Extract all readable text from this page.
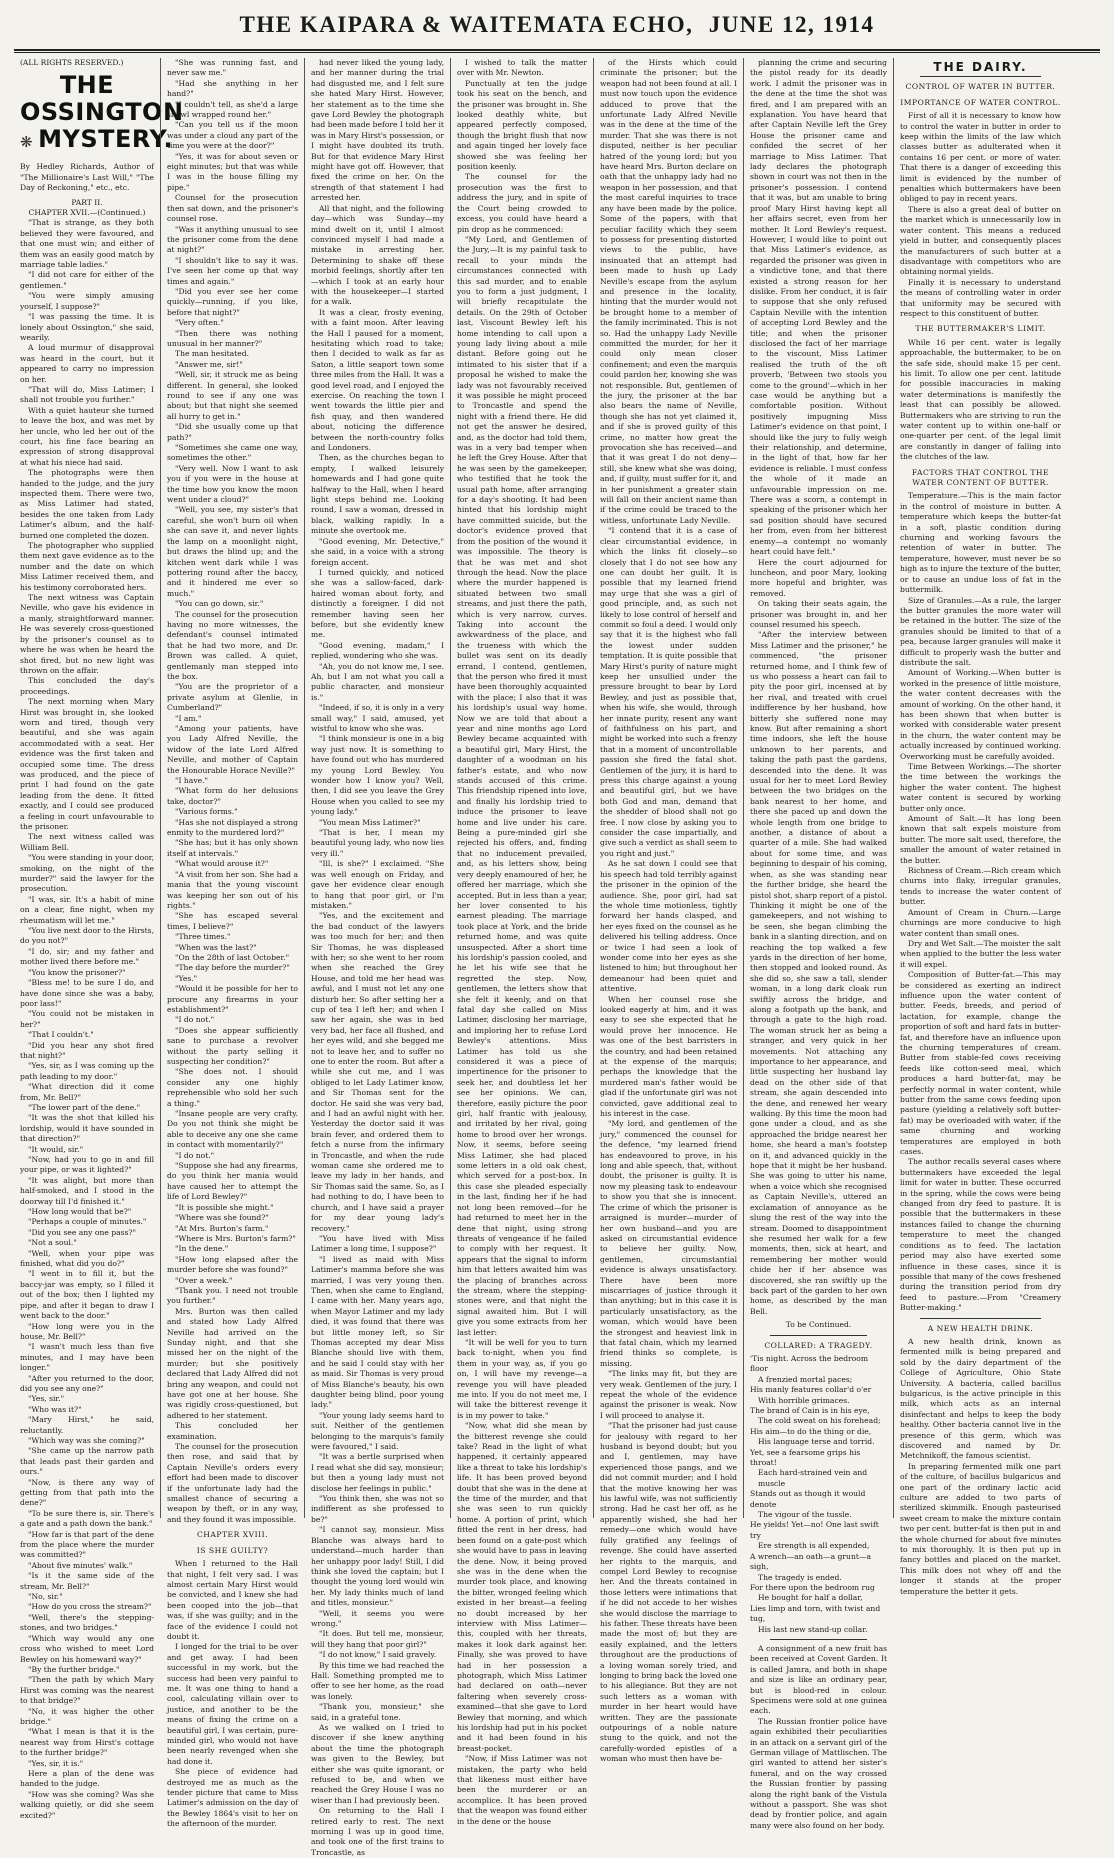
THE KAIPARA & WAITEMATA ECHO, JUNE 12, 1914

(ALL RIGHTS RESERVED.)

THE OSSINGTON
❋ MYSTERY.

By Hedley Richards, Author of "The Millionaire's Last Will," "The Day of Reckoning," etc., etc.

PART II.

CHAPTER XVII.—(Continued.)

"That is strange, as they both believed they were favoured, and that one must win; and either of them was an easily good match by marriage table ladies."

"I did not care for either of the gentlemen."

"You were simply amusing yourself, I suppose?"

"I was passing the time. It is lonely about Ossington," she said, wearily.

A loud murmur of disapproval was heard in the court, but it appeared to carry no impression on her.

"That will do, Miss Latimer; I shall not trouble you further."

With a quiet hauteur she turned to leave the box, and was met by her uncle, who led her out of the court, his fine face bearing an expression of strong disapproval at what his niece had said.

The photographs were then handed to the judge, and the jury inspected them. There were two, as Miss Latimer had stated, besides the one taken from Lady Latimer's album, and the half-burned one completed the dozen.

The photographer who supplied them next gave evidence as to the number and the date on which Miss Latimer received them, and his testimony corroborated hers.

The next witness was Captain Neville, who gave his evidence in a manly, straightforward manner. He was severely cross-questioned by the prisoner's counsel as to where he was when he heard the shot fired, but no new light was thrown on the affair.

This concluded the day's proceedings.

The next morning when Mary Hirst was brought in, she looked worn and tired, though very beautiful, and she was again accommodated with a seat. Her evidence was the first taken and occupied some time. The dress was produced, and the piece of print I had found on the gate leading from the dene. It fitted exactly, and I could see produced a feeling in court unfavourable to the prisoner.

The next witness called was William Bell.

"You were standing in your door, smoking, on the night of the murder?" said the lawyer for the prosecution.

"I was, sir. It's a habit of mine on a clear, fine night, when my rheumatism will let me."

"You live next door to the Hirsts, do you not?"

"I do, sir; and my father and mother lived there before me."

"You know the prisoner?"

"Bless me! to be sure I do, and have done since she was a baby, poor lass!"

"You could not be mistaken in her?"

"That I couldn't."

"Did you hear any shot fired that night?"

"Yes, sir, as I was coming up the path leading to my door."

"What direction did it come from, Mr. Bell?"

"The lower part of the dene."

"It was the shot that killed his lordship, would it have sounded in that direction?"

"It would, sir."

"Now, had you to go in and fill your pipe, or was it lighted?"

"It was alight, but more than half-smoked, and I stood in the doorway till I'd finished it."

"How long would that be?"

"Perhaps a couple of minutes."

"Did you see any one pass?"

"Not a soul."

"Well, when your pipe was finished, what did you do?"

"I went in to fill it, but the baccy-jar was empty, so I filled it out of the box; then I lighted my pipe, and after it began to draw I went back to the door."

"How long were you in the house, Mr. Bell?"

"I wasn't much less than five minutes, and I may have been longer."

"After you returned to the door, did you see any one?"

"Yes, sir."

"Who was it?"

"Mary Hirst," he said, reluctantly.

"Which way was she coming?"

"She came up the narrow path that leads past their garden and ours."

"Now, is there any way of getting from that path into the dene?"

"To be sure there is, sir. There's a gate and a path down the bank."

"How far is that part of the dene from the place where the murder was committed?"

"About five minutes' walk."

"Is it the same side of the stream, Mr. Bell?"

"No, sir."

"How do you cross the stream?"

"Well, there's the stepping-stones, and two bridges."

"Which way would any one cross who wished to meet Lord Bewley on his homeward way?"

"By the further bridge."

"Then the path by which Mary Hirst was coming was the nearest to that bridge?"

"No, it was higher the other bridge."

"What I mean is that it is the nearest way from Hirst's cottage to the further bridge?"

"Yes, sir, it is."

Here a plan of the dene was handed to the judge.

"How was she coming? Was she walking quietly, or did she seem excited?"

"She was running fast, and never saw me."

"Had she anything in her hand?"

"I couldn't tell, as she'd a large shawl wrapped round her."

"Can you tell us if the moon was under a cloud any part of the time you were at the door?"

"Yes, it was for about seven or eight minutes; but that was while I was in the house filling my pipe."

Counsel for the prosecution then sat down, and the prisoner's counsel rose.

"Was it anything unusual to see the prisoner come from the dene at night?"

"I shouldn't like to say it was. I've seen her come up that way times and again."

"Did you ever see her come quickly—running, if you like, before that night?"

"Very often."

"Then there was nothing unusual in her manner?"

The man hesitated.

"Answer me, sir!"

"Well, sir, it struck me as being different. In general, she looked round to see if any one was about; but that night she seemed all hurry to get in."

"Did she usually come up that path?"

"Sometimes she came one way, sometimes the other."

"Very well. Now I want to ask you if you were in the house at the time how you know the moon went under a cloud?"

"Well, you see, my sister's that careful, she won't burn oil when she can save it, and never lights the lamp on a moonlight night, but draws the blind up; and the kitchen went dark while I was pottering round after the baccy, and it hindered me ever so much."

"You can go down, sir."

The counsel for the prosecution having no more witnesses, the defendant's counsel intimated that he had two more, and Dr. Brown was called. A quiet, gentlemanly man stepped into the box.

"You are the proprietor of a private asylum at Glenlie, in Cumberland?"

"I am."

"Among your patients, have you Lady Alfred Neville, the widow of the late Lord Alfred Neville, and mother of Captain the Honourable Horace Neville?"

"I have."

"What form do her delusions take, doctor?"

"Various forms."

"Has she not displayed a strong enmity to the murdered lord?"

"She has; but it has only shown itself at intervals."

"What would arouse it?"

"A visit from her son. She had a mania that the young viscount was keeping her son out of his rights."

"She has escaped several times, I believe?"

"Three times."

"When was the last?"

"On the 28th of last October."

"The day before the murder?"

"Yes."

"Would it be possible for her to procure any firearms in your establishment?"

"I do not."

"Does she appear sufficiently sane to purchase a revolver without the party selling it suspecting her condition?"

"She does not. I should consider any one highly reprehensible who sold her such a thing."

"Insane people are very crafty. Do you not think she might be able to deceive any one she came in contact with momentarily?"

"I do not."

"Suppose she had any firearms, do you think her mania would have caused her to attempt the life of Lord Bewley?"

"It is possible she might."

"Where was she found?"

"At Mrs. Burton's farm."

"Where is Mrs. Burton's farm?"

"In the dene."

"How long elapsed after the murder before she was found?"

"Over a week."

"Thank you. I need not trouble you further."

Mrs. Burton was then called and stated how Lady Alfred Neville had arrived on the Sunday night, and that she missed her on the night of the murder; but she positively declared that Lady Alfred did not bring any weapon, and could not have got one at her house. She was rigidly cross-questioned, but adhered to her statement.

This concluded her examination.

The counsel for the prosecution then rose, and said that by Captain Neville's orders every effort had been made to discover if the unfortunate lady had the smallest chance of securing a weapon by theft, or in any way, and they found it was impossible.

CHAPTER XVIII.

IS SHE GUILTY?

When I returned to the Hall that night, I felt very sad. I was almost certain Mary Hirst would be convicted, and I knew she had been cooped into the job—that was, if she was guilty; and in the face of the evidence I could not doubt it.

I longed for the trial to be over and get away. I had been successful in my work, but the success had been very painful to me. It was one thing to hand a cool, calculating villain over to justice, and another to be the means of fixing the crime on a beautiful girl, I was certain, pure-minded girl, who would not have been nearly revenged when she had done it.

She piece of evidence had destroyed me as much as the tender picture that came to Miss Latimer's admission on the day of the Bewley 1864's visit to her on the afternoon of the murder.

had never liked the young lady, and her manner during the trial had disgusted me, and I felt sure she hated Mary Hirst. However, her statement as to the time she gave Lord Bewley the photograph had been made before I told her it was in Mary Hirst's possession, or I might have doubted its truth. But for that evidence Mary Hirst might have got off. However, that fixed the crime on her. On the strength of that statement I had arrested her.

All that night, and the following day—which was Sunday—my mind dwelt on it, until I almost convinced myself I had made a mistake in arresting her. Determining to shake off these morbid feelings, shortly after ten—which I took at an early hour with the housekeeper—I started for a walk.

It was a clear, frosty evening, with a faint moon. After leaving the Hall I paused for a moment, hesitating which road to take; then I decided to walk as far as Saton, a little seaport town some three miles from the Hall. It was a good level road, and I enjoyed the exercise. On reaching the town I went towards the little pier and fish quay, and then wandered about, noticing the difference between the north-country folks and Londoners.

Then, as the churches began to empty, I walked leisurely homewards and I had gone quite halfway to the Hall, when I heard light steps behind me. Looking round, I saw a woman, dressed in black, walking rapidly. In a minute she overtook me.

"Good evening, Mr. Detective," she said, in a voice with a strong foreign accent.

I turned quickly, and noticed she was a sallow-faced, dark-haired woman about forty, and distinctly a foreigner. I did not remember having seen her before, but she evidently knew me.

"Good evening, madam," I replied, wondering who she was.

"Ah, you do not know me, I see. Ah, but I am not what you call a public character, and monsieur is."

"Indeed, if so, it is only in a very small way," I said, amused, yet wistful to know who she was.

"I think monsieur is one in a big way just now. It is something to have found out who has murdered my young Lord Bewley. You wonder how I know you? Well, then, I did see you leave the Grey House when you called to see my young lady."

"You mean Miss Latimer?"

"That is her, I mean my beautiful young lady, who now lies very ill."

"Ill, is she?" I exclaimed. "She was well enough on Friday, and gave her evidence clear enough to hang that poor girl, or I'm mistaken."

"Yes, and the excitement and the bad conduct of the lawyers was too much for her; and then Sir Thomas, he was displeased with her; so she went to her room when she reached the Grey House, and told me her head was awful, and I must not let any one disturb her. So after setting her a cup of tea I left her; and when I saw her again, she was in bed very bad, her face all flushed, and her eyes wild, and she begged me not to leave her, and to suffer no one to enter the room. But after a while she cut me, and I was obliged to let Lady Latimer know, and Sir Thomas sent for the doctor. He said she was very bad, and I had an awful night with her. Yesterday the doctor said it was brain fever, and ordered them to fetch a nurse from the infirmary in Troncastle, and when the rude woman came she ordered me to leave my lady in her hands, and Sir Thomas said the same. So, as I had nothing to do, I have been to church, and I have said a prayer for my dear young lady's recovery."

"You have lived with Miss Latimer a long time, I suppose?"

"I lived as maid with Miss Latimer's mamma before she was married, I was very young then. Then, when she came to England, I came with her. Many years ago, when Mayor Latimer and my lady died, it was found that there was but little money left, so Sir Thomas accepted my dear Miss Blanche should live with them, and he said I could stay with her as maid. Sir Thomas is very proud of Miss Blanche's beauty, his own daughter being blind, poor young lady."

"Your young lady seems hard to suit. Neither of the gentlemen belonging to the marquis's family were favoured," I said.

"It was a bertle surprised when I read what she did say, monsieur; but then a young lady must not disclose her feelings in public."

"You think then, she was not so indifferent as she professed to be?"

"I cannot say, monsieur. Miss Blanche was always hard to understand—much harder than her unhappy poor lady! Still, I did think she loved the captain; but I thought the young lord would win her. My lady thinks much of land and titles, monsieur."

"Well, it seems you were wrong."

"It does. But tell me, monsieur, will they hang that poor girl?"

"I do not know," I said gravely.

By this time we had reached the Hall. Something prompted me to offer to see her home, as the road was lonely.

"Thank you, monsieur," she said, in a grateful tone.

As we walked on I tried to discover if she knew anything about the time the photograph was given to the Bewley, but either she was quite ignorant, or refused to be, and when we reached the Grey House I was no wiser than I had previously been.

On returning to the Hall I retired early to rest. The next morning I was up in good time, and took one of the first trains to Troncastle, as

I wished to talk the matter over with Mr. Newton.

Punctually at ten the judge took his seat on the bench, and the prisoner was brought in. She looked deathly white, but appeared perfectly composed, though the bright flush that now and again tinged her lovely face showed she was feeling her position keenly.

The counsel for the prosecution was the first to address the jury, and in spite of the Court being crowded to excess, you could have heard a pin drop as he commenced:

"My Lord, and Gentlemen of the Jury,—It is my painful task to recall to your minds the circumstances connected with this sad murder, and to enable you to form a just judgment, I will briefly recapitulate the details. On the 29th of October last, Viscount Bewley left his home intending to call upon a young lady living about a mile distant. Before going out he intimated to his sister that if a proposal he wished to make the lady was not favourably received it was possible he might proceed to Troncastle and spend the night with a friend there. He did not get the answer he desired, and, as the doctor had told them, was in a very bad temper when he left the Grey House. After that he was seen by the gamekeeper, who testified that he took the usual path home, after arranging for a day's shooting. It had been hinted that his lordship might have committed suicide, but the doctor's evidence proved that from the position of the wound it was impossible. The theory is that he was met and shot through the head. Now the place where the murder happened is situated between two small streams, and just there the path, which is very narrow, curves. Taking into account the awkwardness of the place, and the trueness with which the bullet was sent on its deadly errand, I contend, gentlemen, that the person who fired it must have been thoroughly acquainted with the place; I also that it was his lordship's usual way home. Now we are told that about a year and nine months ago Lord Bewley became acquainted with a beautiful girl, Mary Hirst, the daughter of a woodman on his father's estate, and who now stands accused of this crime. This friendship ripened into love, and finally his lordship tried to induce the prisoner to leave home and live under his care. Being a pure-minded girl she rejected his offers, and, finding that no inducement prevailed, and, as his letters show, being very deeply enamoured of her, he offered her marriage, which she accepted. But in less than a year, her lover consented to his earnest pleading. The marriage took place at York, and the bride returned home, and was quite unsuspected. After a short time his lordship's passion cooled, and he let his wife see that he regretted the step. Now, gentlemen, the letters show that she felt it keenly, and on that fatal day she called on Miss Latimer, disclosing her marriage, and imploring her to refuse Lord Bewley's attentions. Miss Latimer has told us she considered it was a piece of impertinence for the prisoner to seek her, and doubtless let her see her opinions. We can, therefore, easily picture the poor girl, half frantic with jealousy, and irritated by her rival, going home to brood over her wrongs. Now, it seems, before seeing Miss Latimer, she had placed some letters in a old oak chest, which served for a post-box. In this case she pleaded especially in the last, finding her if he had not long been removed—for he had returned to meet her in the dene that night, using strong threats of vengeance if he failed to comply with her request. It appears that the signal to inform him that letters awaited him was the placing of branches across the stream, where the stepping-stones were, and that night the signal awaited him. But I will give you some extracts from her last letter:

"It will be well for you to turn back to-night, when you find them in your way, as, if you go on, I will have my revenge—a revenge you will have pleaded me into. If you do not meet me, I will take the bitterest revenge it is in my power to take."

"Now, what did she mean by the bitterest revenge she could take? Read in the light of what happened, it certainly appeared like a threat to take his lordship's life. It has been proved beyond doubt that she was in the dene at the time of the murder, and that she was seen to run quickly home. A portion of print, which fitted the rent in her dress, had been found on a gate-post which she would have to pass in leaving the dene. Now, it being proved she was in the dene when the murder took place, and knowing the bitter, wronged feeling which existed in her breast—a feeling no doubt increased by her interview with Miss Latimer—this, coupled with her threats, makes it look dark against her. Finally, she was proved to have had in her possession a photograph, which Miss Latimer had declared on oath—never faltering when severely cross-examined—that she gave to Lord Bewley that morning, and which his lordship had put in his pocket and it had been found in his breast-pocket.

"Now, if Miss Latimer was not mistaken, the party who held that likeness must either have been the murderer or an accomplice. It has been proved that the weapon was found either in the dene or the house

of the Hirsts which could criminate the prisoner; but the weapon had not been found at all. I must now touch upon the evidence adduced to prove that the unfortunate Lady Alfred Neville was in the dene at the time of the murder. That she was there is not disputed, neither is her peculiar hatred of the young lord; but you have heard Mrs. Burton declare on oath that the unhappy lady had no weapon in her possession, and that the most careful inquiries to trace any have been made by the police. Some of the papers, with that peculiar facility which they seem to possess for presenting distorted views to the public, have insinuated that an attempt had been made to hush up Lady Neville's escape from the asylum and presence in the locality, hinting that the murder would not be brought home to a member of the family incriminated. This is not so. Had the unhappy Lady Neville committed the murder, for her it could only mean closer confinement; and even the marquis could pardon her, knowing she was not responsible. But, gentlemen of the jury, the prisoner at the bar also bears the name of Neville, though she has not yet claimed it, and if she is proved guilty of this crime, no matter how great the provocation she has received—and that it was great I do not deny—still, she knew what she was doing, and, if guilty, must suffer for it, and in her punishment a greater stain will fall on their ancient name than if the crime could be traced to the witless, unfortunate Lady Neville.

"I contend that it is a case of clear circumstantial evidence, in which the links fit closely—so closely that I do not see how any one can doubt her guilt. It is possible that my learned friend may urge that she was a girl of good principle, and, as such not likely to lose control of herself and commit so foul a deed. I would only say that it is the highest who fall the lowest under sudden temptation. It is quite possible that Mary Hirst's purity of nature might keep her unsullied under the pressure brought to bear by Lord Bewley, and just as possible that, when his wife, she would, through her innate purity, resent any want of faithfulness on his part, and might be worked into such a frenzy that in a moment of uncontrollable passion she fired the fatal shot. Gentlemen of the jury, it is hard to press this charge against a young and beautiful girl, but we have both God and man, demand that the shedder of blood shall not go free. I now close by asking you to consider the case impartially, and give such a verdict as shall seem to you right and just."

As he sat down I could see that his speech had told terribly against the prisoner in the opinion of the audience. She, poor girl, had sat the whole time motionless, tightly forward her hands clasped, and her eyes fixed on the counsel as he delivered his telling address. Once or twice I had seen a look of wonder come into her eyes as she listened to him; but throughout her demeanour had been quiet and attentive.

When her counsel rose she looked eagerly at him, and it was easy to see she expected that he would prove her innocence. He was one of the best barristers in the country, and had been retained at the expense of the marquis; perhaps the knowledge that the murdered man's father would be glad if the unfortunate girl was not convicted, gave additional zeal to his interest in the case.

"My lord, and gentlemen of the jury," commenced the counsel for the defence, "my learned friend has endeavoured to prove, in his long and able speech, that, without doubt, the prisoner is guilty. It is now my pleasing task to endeavour to show you that she is innocent. The crime of which the prisoner is arraigned is murder—murder of her own husband—and you are asked on circumstantial evidence to believe her guilty. Now, gentlemen, circumstantial evidence is always unsatisfactory. There have been more miscarriages of justice through it than anything; but in this case it is particularly unsatisfactory, as the woman, which would have been the strongest and heaviest link in that fatal chain, which my learned friend thinks so complete, is missing.

"The links may fit, but they are very weak. Gentlemen of the jury, I repeat the whole of the evidence against the prisoner is weak. Now I will proceed to analyse it.

"That the prisoner had just cause for jealousy with regard to her husband is beyond doubt; but you and I, gentlemen, may have experienced those pangs, and we did not commit murder; and I hold that the motive knowing her was his lawful wife, was not sufficiently strong. Had he cast her off, as he apparently wished, she had her remedy—one which would have fully gratified any feelings of revenge. She could have asserted her rights to the marquis, and compel Lord Bewley to recognise her. And the threats contained in those letters were intimations that if he did not accede to her wishes she would disclose the marriage to his father. These threats have been made the most of; but they are easily explained, and the letters throughout are the productions of a loving woman sorely tried, and longing to bring back the loved one to his allegiance. But they are not such letters as a woman with murder in her heart would have written. They are the passionate outpourings of a noble nature stung to the quick, and not the carefully-worded epistles of a woman who must then have be-

planning the crime and securing the pistol ready for its deadly work. I admit the prisoner was in the dene at the time the shot was fired, and I am prepared with an explanation. You have heard that after Captain Neville left the Grey House the prisoner came and confided the secret of her marriage to Miss Latimer. That lady declares the photograph shown in court was not then in the prisoner's possession. I contend that it was, but am unable to bring proof Mary Hirst having kept all her affairs secret, even from her mother. It Lord Bewley's request. However, I would like to point out that Miss Latimer's evidence, as regarded the prisoner was given in a vindictive tone, and that there existed a strong reason for her dislike. From her conduct, it is fair to suppose that she only refused Captain Neville with the intention of accepting Lord Bewley and the title; and when the prisoner disclosed the fact of her marriage to the viscount, Miss Latimer realised the truth of the oft proverb, 'Between two stools you come to the ground'—which in her case would be anything but a comfortable position. Without positively impugning Miss Latimer's evidence on that point, I should like the jury to fully weigh their relationship, and determine, in the light of that, how far her evidence is reliable. I must confess the whole of it made an unfavourable impression on me. There was a scorn, a contempt in speaking of the prisoner which her sad position should have secured her from, even from her bitterest enemy—a contempt no womanly heart could have felt."

Here the court adjourned for luncheon, and poor Mary, looking more hopeful and brighter, was removed.

On taking their seats again, the prisoner was brought in, and her counsel resumed his speech.

"After the interview between Miss Latimer and the prisoner," he commenced, "the prisoner returned home, and I think few of us who possess a heart can fail to pity the poor girl, incensed at by her rival, and treated with cruel indifference by her husband, how bitterly she suffered none may know. But after remaining a short time indoors, she left the house unknown to her parents, and taking the path past the gardens, descended into the dene. It was usual for her to meet Lord Bewley between the two bridges on the bank nearest to her home, and there she paced up and down the whole length from one bridge to another, a distance of about a quarter of a mile. She had walked about for some time, and was beginning to despair of his coming, when, as she was standing near the further bridge, she heard the pistol shot, sharp report of a pistol. Thinking it might be one of the gamekeepers, and not wishing to be seen, she began climbing the bank in a slanting direction, and on reaching the top walked a few yards in the direction of her home, then stopped and looked round. As she did so, she saw a tall, slender woman, in a long dark cloak run swiftly across the bridge, and along a footpath up the bank, and through a gate to the high road. The woman struck her as being a stranger, and very quick in her movements. Not attaching any importance to her appearance, and little suspecting her husband lay dead on the other side of that stream, she again descended into the dene, and renewed her weary walking. By this time the moon had gone under a cloud, and as she approached the bridge nearest her home, she heard a man's footstep on it, and advanced quickly in the hope that it might be her husband. She was going to utter his name, when a voice which she recognised as Captain Neville's, uttered an exclamation of annoyance as he slung the rest of the way into the stream. Doomed to disappointment she resumed her walk for a few moments, then, sick at heart, and remembering her mother would chide her if her absence was discovered, she ran swiftly up the back part of the garden to her own home, as described by the man Bell.

To be Continued.

COLLARED: A TRAGEDY.

'Tis night. Across the bedroom floor

A frenzied mortal paces;

His manly features collar'd o'er

With horrible grimaces.

The brand of Cain is in his eye,

The cold sweat on his forehead;

His aim—to do the thing or die,

His language terse and torrid.

Yet, see a fearsome grips his throat!

Each hard-strained vein and muscle

Stands out as though it would denote

The vigour of the tussle.

He yields! Yet—no! One last swift try

Ere strength is all expended,

A wrench—an oath—a grunt—a sigh,

The tragedy is ended.

For there upon the bedroom rug

He bought for half a dollar,

Lies limp and torn, with twist and tug,

His last new stand-up collar.

A consignment of a new fruit has been received at Covent Garden. It is called Jamra, and both in shape and size is like an ordinary pear, but is blood-red in colour. Specimens were sold at one guinea each.

The Russian frontier police have again exhibited their peculiarities in an attack on a servant girl of the German village of Mattlischen. The girl wanted to attend her sister's funeral, and on the way crossed the Russian frontier by passing along the right bank of the Vistula without a passport. She was shot dead by frontier police, and again many were also found on her body.

THE DAIRY.

CONTROL OF WATER IN BUTTER.

IMPORTANCE OF WATER CONTROL.

First of all it is necessary to know how to control the water in butter in order to keep within the limits of the law which classes butter as adulterated when it contains 16 per cent. or more of water. That there is a danger of exceeding this limit is evidenced by the number of penalties which buttermakers have been obliged to pay in recent years.

There is also a great deal of butter on the market which is unnecessarily low in water content. This means a reduced yield in butter, and consequently places the manufacturers of such butter at a disadvantage with competitors who are obtaining normal yields.

Finally it is necessary to understand the means of controlling water in order that uniformity may be secured with respect to this constituent of butter.

THE BUTTERMAKER'S LIMIT.

While 16 per cent. water is legally approachable, the buttermaker, to be on the safe side, should make 15 per cent. his limit. To allow one per cent. latitude for possible inaccuracies in making water determinations is manifestly the least that can possibly be allowed. Buttermakers who are striving to run the water content up to within one-half or one-quarter per cent. of the legal limit are constantly in danger of falling into the clutches of the law.

FACTORS THAT CONTROL THE WATER CONTENT OF BUTTER.

Temperature.—This is the main factor in the control of moisture in butter. A temperature which keeps the butter-fat in a soft, plastic condition during churning and working favours the retention of water in butter. The temperature, however, must never be so high as to injure the texture of the butter, or to cause an undue loss of fat in the buttermilk.

Size of Granules.—As a rule, the larger the butter granules the more water will be retained in the butter. The size of the granules should be limited to that of a pea, because larger granules will make it difficult to properly wash the butter and distribute the salt.

Amount of Working.—When butter is worked in the presence of little moisture, the water content decreases with the amount of working. On the other hand, it has been shown that when butter is worked with considerable water present in the churn, the water content may be actually increased by continued working. Overworking must be carefully avoided.

Time Between Workings.—The shorter the time between the workings the higher the water content. The highest water content is secured by working butter only once.

Amount of Salt.—It has long been known that salt expels moisture from butter. The more salt used, therefore, the smaller the amount of water retained in the butter.

Richness of Cream.—Rich cream which churns into flaky, irregular granules, tends to increase the water content of butter.

Amount of Cream in Churn.—Large churnings are more conducive to high water content than small ones.

Dry and Wet Salt.—The moister the salt when applied to the butter the less water it will expel.

Composition of Butter-fat.—This may be considered as exerting an indirect influence upon the water content of butter. Feeds, breeds, and period of lactation, for example, change the proportion of soft and hard fats in butter-fat, and therefore have an influence upon the churning temperatures of cream. Butter from stable-fed cows receiving feeds like cotton-seed meal, which produces a hard butter-fat, may be perfectly normal in water content, while butter from the same cows feeding upon pasture (yielding a relatively soft butter-fat) may be overloaded with water, if the same churning and working temperatures are employed in both cases.

The author recalls several cases where buttermakers have exceeded the legal limit for water in butter. These occurred in the spring, while the cows were being changed from dry feed to pasture. It is possible that the buttermakers in these instances failed to change the churning temperature to meet the changed conditions as to feed. The lactation period may also have exerted some influence in these cases, since it is possible that many of the cows freshened during the transition period from dry feed to pasture.—From "Creamery Butter-making."

A NEW HEALTH DRINK.

A new health drink, known as fermented milk is being prepared and sold by the dairy department of the College of Agriculture, Ohio State University. A bacteria, called bacillus bulgaricus, is the active principle in this milk, which acts as an internal disinfectant and helps to keep the body healthy. Other bacteria cannot live in the presence of this germ, which was discovered and named by Dr. Metchnikoff, the famous scientist.

In preparing fermented milk one part of the culture, of bacillus bulgaricus and one part of the ordinary lactic acid culture are added to two parts of sterilized skimmilk. Enough pasteurised sweet cream to make the mixture contain two per cent. butter-fat is then put in and the whole churned for about five minutes to mix thoroughly. It is then put up in fancy bottles and placed on the market. This milk does not whey off and the longer it stands at the proper temperature the better it gets.
